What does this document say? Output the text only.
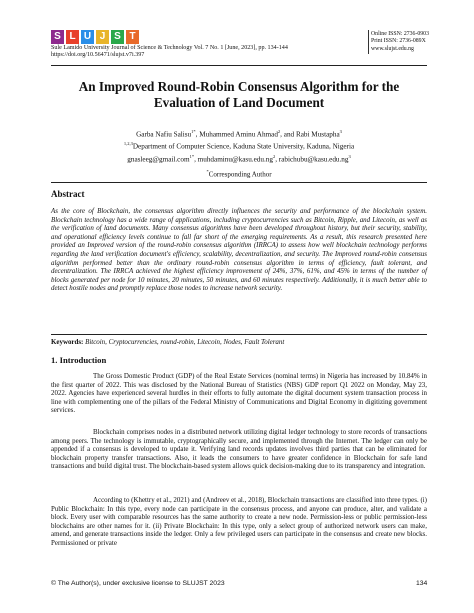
S L U J S T
Sule Lamido University Journal of Science & Technology Vol. 7 No. 1 [June, 2023], pp. 134-144
https://doi.org/10.56471/slujst.v7i.397
Online ISSN: 2736-0903
Print ISSN: 2736-089X
www.slujst.edu.ng
An Improved Round-Robin Consensus Algorithm for the Evaluation of Land Document
Garba Nafiu Salisu$^{1*}$, Muhammed Aminu Ahmad$^2$, and Rabi Mustapha$^3$
$^{1,2,3}$Department of Computer Science, Kaduna State University, Kaduna, Nigeria
gnasleeg@gmail.com$^{1*}$, $muhdaminu@kasu.edu.ng^2$, $rabichubu@kasu.edu.ng^3$
*Corresponding Author
Abstract
As the core of Blockchain, the consensus algorithm directly influences the security and performance of the blockchain system. Blockchain technology has a wide range of applications, including cryptocurrencies such as Bitcoin, Ripple, and Litecoin, as well as the verification of land documents. Many consensus algorithms have been developed throughout history, but their security, stability, and operational efficiency levels continue to fall far short of the emerging requirements. As a result, this research presented here provided an Improved version of the round-robin consensus algorithm (IRRCA) to assess how well blockchain technology performs regarding the land verification document's efficiency, scalability, decentralization, and security. The Improved round-robin consensus algorithm performed better than the ordinary round-robin consensus algorithm in terms of efficiency, fault tolerant, and decentralization. The IRRCA achieved the highest efficiency improvement of 24%, 37%, 61%, and 45% in terms of the number of blocks generated per node for 10 minutes, 20 minutes, 50 minutes, and 60 minutes respectively. Additionally, it is much better able to detect hostile nodes and promptly replace those nodes to increase network security.
Keywords: Bitcoin, Cryptocurrencies, round-robin, Litecoin, Nodes, Fault Tolerant
1. Introduction
The Gross Domestic Product (GDP) of the Real Estate Services (nominal terms) in Nigeria has increased by 10.84% in the first quarter of 2022. This was disclosed by the National Bureau of Statistics (NBS) GDP report Q1 2022 on Monday, May 23, 2022. Agencies have experienced several hurdles in their efforts to fully automate the digital document system transaction process in line with complementing one of the pillars of the Federal Ministry of Communications and Digital Economy in digitizing government services.
Blockchain comprises nodes in a distributed network utilizing digital ledger technology to store records of transactions among peers. The technology is immutable, cryptographically secure, and implemented through the Internet. The ledger can only be appended if a consensus is developed to update it. Verifying land records updates involves third parties that can be eliminated for blockchain property transfer transactions. Also, it leads the consumers to have greater confidence in Blockchain for safe land transactions and build digital trust. The blockchain-based system allows quick decision-making due to its transparency and integration.
According to (Khettry et al., 2021) and (Andreev et al., 2018), Blockchain transactions are classified into three types. (i) Public Blockchain: In this type, every node can participate in the consensus process, and anyone can produce, alter, and validate a block. Every user with comparable resources has the same authority to create a new node. Permission-less or public permission-less blockchains are other names for it. (ii) Private Blockchain: In this type, only a select group of authorized network users can make, amend, and generate transactions inside the ledger. Only a few privileged users can participate in the consensus and create new blocks. Permissioned or private
© The Author(s), under exclusive license to SLUJST 2023	134
